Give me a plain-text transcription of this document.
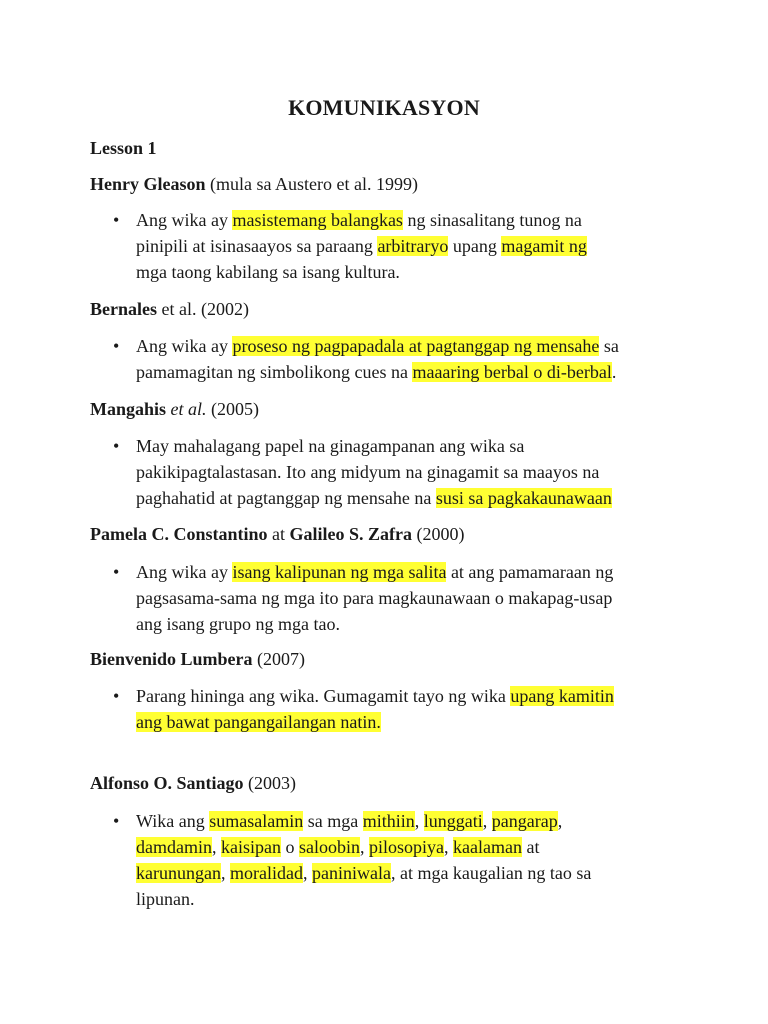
KOMUNIKASYON
Lesson 1
Henry Gleason (mula sa Austero et al. 1999)
• Ang wika ay masistemang balangkas ng sinasalitang tunog na
pinipili at isinasaayos sa paraang arbitraryo upang magamit ng
mga taong kabilang sa isang kultura.
Bernales et al. (2002)
• Ang wika ay proseso ng pagpapadala at pagtanggap ng mensahe sa
pamamagitan ng simbolikong cues na maaaring berbal o di-berbal.
Mangahis et al. (2005)
• May mahalagang papel na ginagampanan ang wika sa
pakikipagtalastasan. Ito ang midyum na ginagamit sa maayos na
paghahatid at pagtanggap ng mensahe na susi sa pagkakaunawaan
Pamela C. Constantino at Galileo S. Zafra (2000)
• Ang wika ay isang kalipunan ng mga salita at ang pamamaraan ng
pagsasama-sama ng mga ito para magkaunawaan o makapag-usap
ang isang grupo ng mga tao.
Bienvenido Lumbera (2007)
• Parang hininga ang wika. Gumagamit tayo ng wika upang kamitin
ang bawat pangangailangan natin.
Alfonso O. Santiago (2003)
• Wika ang sumasalamin sa mga mithiin, lunggati, pangarap,
damdamin, kaisipan o saloobin, pilosopiya, kaalaman at
karunungan, moralidad, paniniwala, at mga kaugalian ng tao sa
lipunan.
